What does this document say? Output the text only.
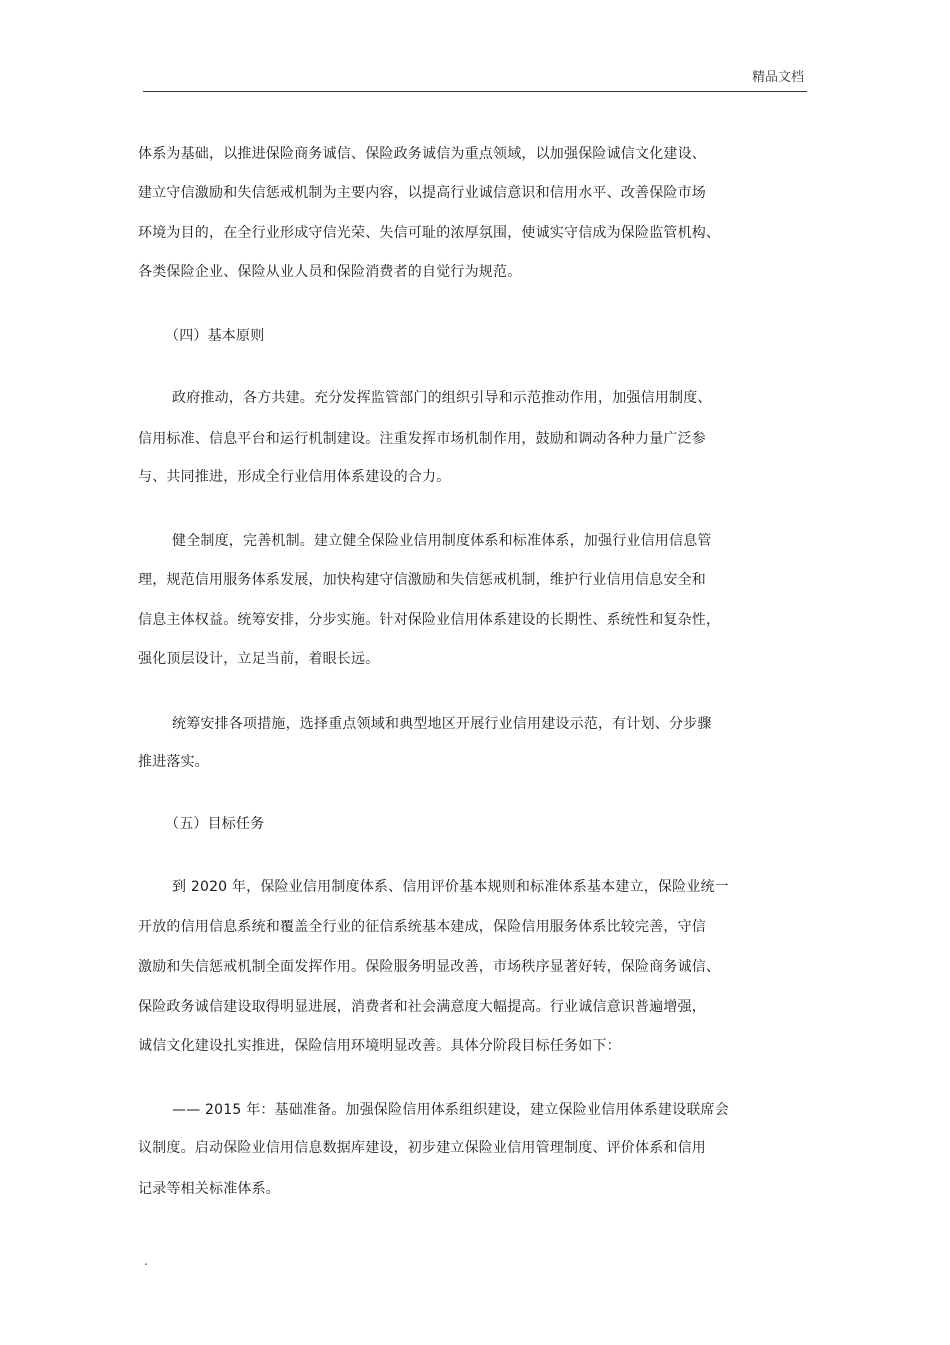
精品文档
体系为基础，以推进保险商务诚信、保险政务诚信为重点领域，以加强保险诚信文化建设、
建立守信激励和失信惩戒机制为主要内容，以提高行业诚信意识和信用水平、改善保险市场
环境为目的，在全行业形成守信光荣、失信可耻的浓厚氛围，使诚实守信成为保险监管机构、
各类保险企业、保险从业人员和保险消费者的自觉行为规范。
（四）基本原则
政府推动，各方共建。充分发挥监管部门的组织引导和示范推动作用，加强信用制度、
信用标准、信息平台和运行机制建设。注重发挥市场机制作用，鼓励和调动各种力量广泛参
与、共同推进，形成全行业信用体系建设的合力。
健全制度，完善机制。建立健全保险业信用制度体系和标准体系，加强行业信用信息管
理，规范信用服务体系发展，加快构建守信激励和失信惩戒机制，维护行业信用信息安全和
信息主体权益。统筹安排，分步实施。针对保险业信用体系建设的长期性、系统性和复杂性，
强化顶层设计，立足当前，着眼长远。
统筹安排各项措施，选择重点领域和典型地区开展行业信用建设示范，有计划、分步骤
推进落实。
（五）目标任务
到 2020 年，保险业信用制度体系、信用评价基本规则和标准体系基本建立，保险业统一
开放的信用信息系统和覆盖全行业的征信系统基本建成，保险信用服务体系比较完善，守信
激励和失信惩戒机制全面发挥作用。保险服务明显改善，市场秩序显著好转，保险商务诚信、
保险政务诚信建设取得明显进展，消费者和社会满意度大幅提高。行业诚信意识普遍增强，
诚信文化建设扎实推进，保险信用环境明显改善。具体分阶段目标任务如下：
—— 2015 年：基础准备。加强保险信用体系组织建设，建立保险业信用体系建设联席会
议制度。启动保险业信用信息数据库建设，初步建立保险业信用管理制度、评价体系和信用
记录等相关标准体系。
.
